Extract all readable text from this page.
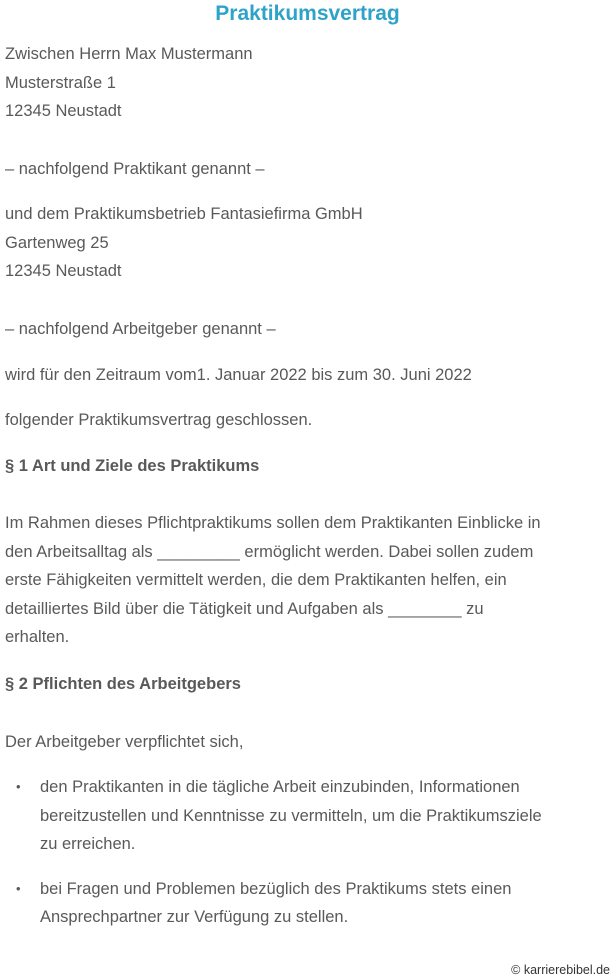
Praktikumsvertrag
Zwischen Herrn Max Mustermann
Musterstraße 1
12345 Neustadt
– nachfolgend Praktikant genannt –
und dem Praktikumsbetrieb Fantasiefirma GmbH
Gartenweg 25
12345 Neustadt
– nachfolgend Arbeitgeber genannt –
wird für den Zeitraum vom1. Januar 2022 bis zum 30. Juni 2022
folgender Praktikumsvertrag geschlossen.
§ 1 Art und Ziele des Praktikums
Im Rahmen dieses Pflichtpraktikums sollen dem Praktikanten Einblicke in
den Arbeitsalltag als _________ ermöglicht werden. Dabei sollen zudem
erste Fähigkeiten vermittelt werden, die dem Praktikanten helfen, ein
detailliertes Bild über die Tätigkeit und Aufgaben als ________ zu
erhalten.
§ 2 Pflichten des Arbeitgebers
Der Arbeitgeber verpflichtet sich,
• den Praktikanten in die tägliche Arbeit einzubinden, Informationen
bereitzustellen und Kenntnisse zu vermitteln, um die Praktikumsziele
zu erreichen.
• bei Fragen und Problemen bezüglich des Praktikums stets einen
Ansprechpartner zur Verfügung zu stellen.
© karrierebibel.de
